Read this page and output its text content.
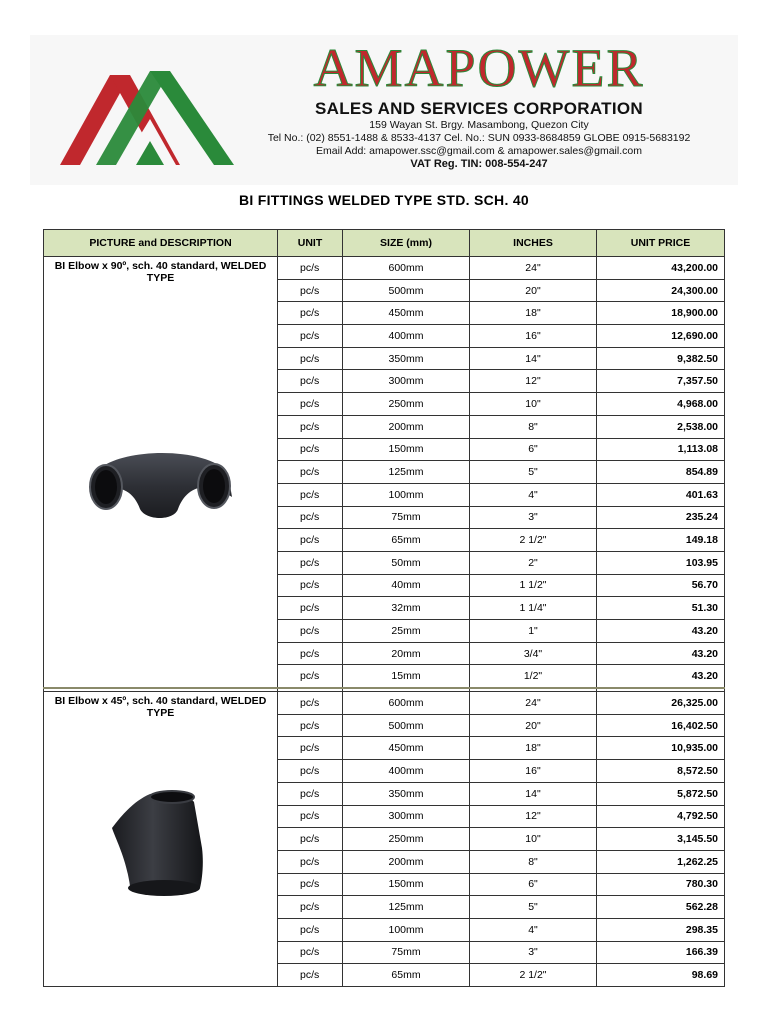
AMAPOWER
SALES AND SERVICES CORPORATION
159 Wayan St. Brgy. Masambong, Quezon City
Tel No.: (02) 8551-1488 & 8533-4137 Cel. No.: SUN 0933-8684859 GLOBE 0915-5683192
Email Add: amapower.ssc@gmail.com & amapower.sales@gmail.com
VAT Reg. TIN: 008-554-247
BI FITTINGS WELDED TYPE STD. SCH. 40
PICTURE and DESCRIPTION	UNIT	SIZE (mm)	INCHES	UNIT PRICE

BI Elbow x 90º, sch. 40 standard, WELDED TYPE	pc/s	600mm	24"	43,200.00
	pc/s	500mm	20"	24,300.00
	pc/s	450mm	18"	18,900.00
	pc/s	400mm	16"	12,690.00
	pc/s	350mm	14"	9,382.50
	pc/s	300mm	12"	7,357.50
	pc/s	250mm	10"	4,968.00
	pc/s	200mm	8"	2,538.00
	pc/s	150mm	6"	1,113.08
	pc/s	125mm	5"	854.89
	pc/s	100mm	4"	401.63
	pc/s	75mm	3"	235.24
	pc/s	65mm	2 1/2"	149.18
	pc/s	50mm	2"	103.95
	pc/s	40mm	1 1/2"	56.70
	pc/s	32mm	1 1/4"	51.30
	pc/s	25mm	1"	43.20
	pc/s	20mm	3/4"	43.20
	pc/s	15mm	1/2"	43.20

BI Elbow x 45º, sch. 40 standard, WELDED TYPE	pc/s	600mm	24"	26,325.00
	pc/s	500mm	20"	16,402.50
	pc/s	450mm	18"	10,935.00
	pc/s	400mm	16"	8,572.50
	pc/s	350mm	14"	5,872.50
	pc/s	300mm	12"	4,792.50
	pc/s	250mm	10"	3,145.50
	pc/s	200mm	8"	1,262.25
	pc/s	150mm	6"	780.30
	pc/s	125mm	5"	562.28
	pc/s	100mm	4"	298.35
	pc/s	75mm	3"	166.39
	pc/s	65mm	2 1/2"	98.69
